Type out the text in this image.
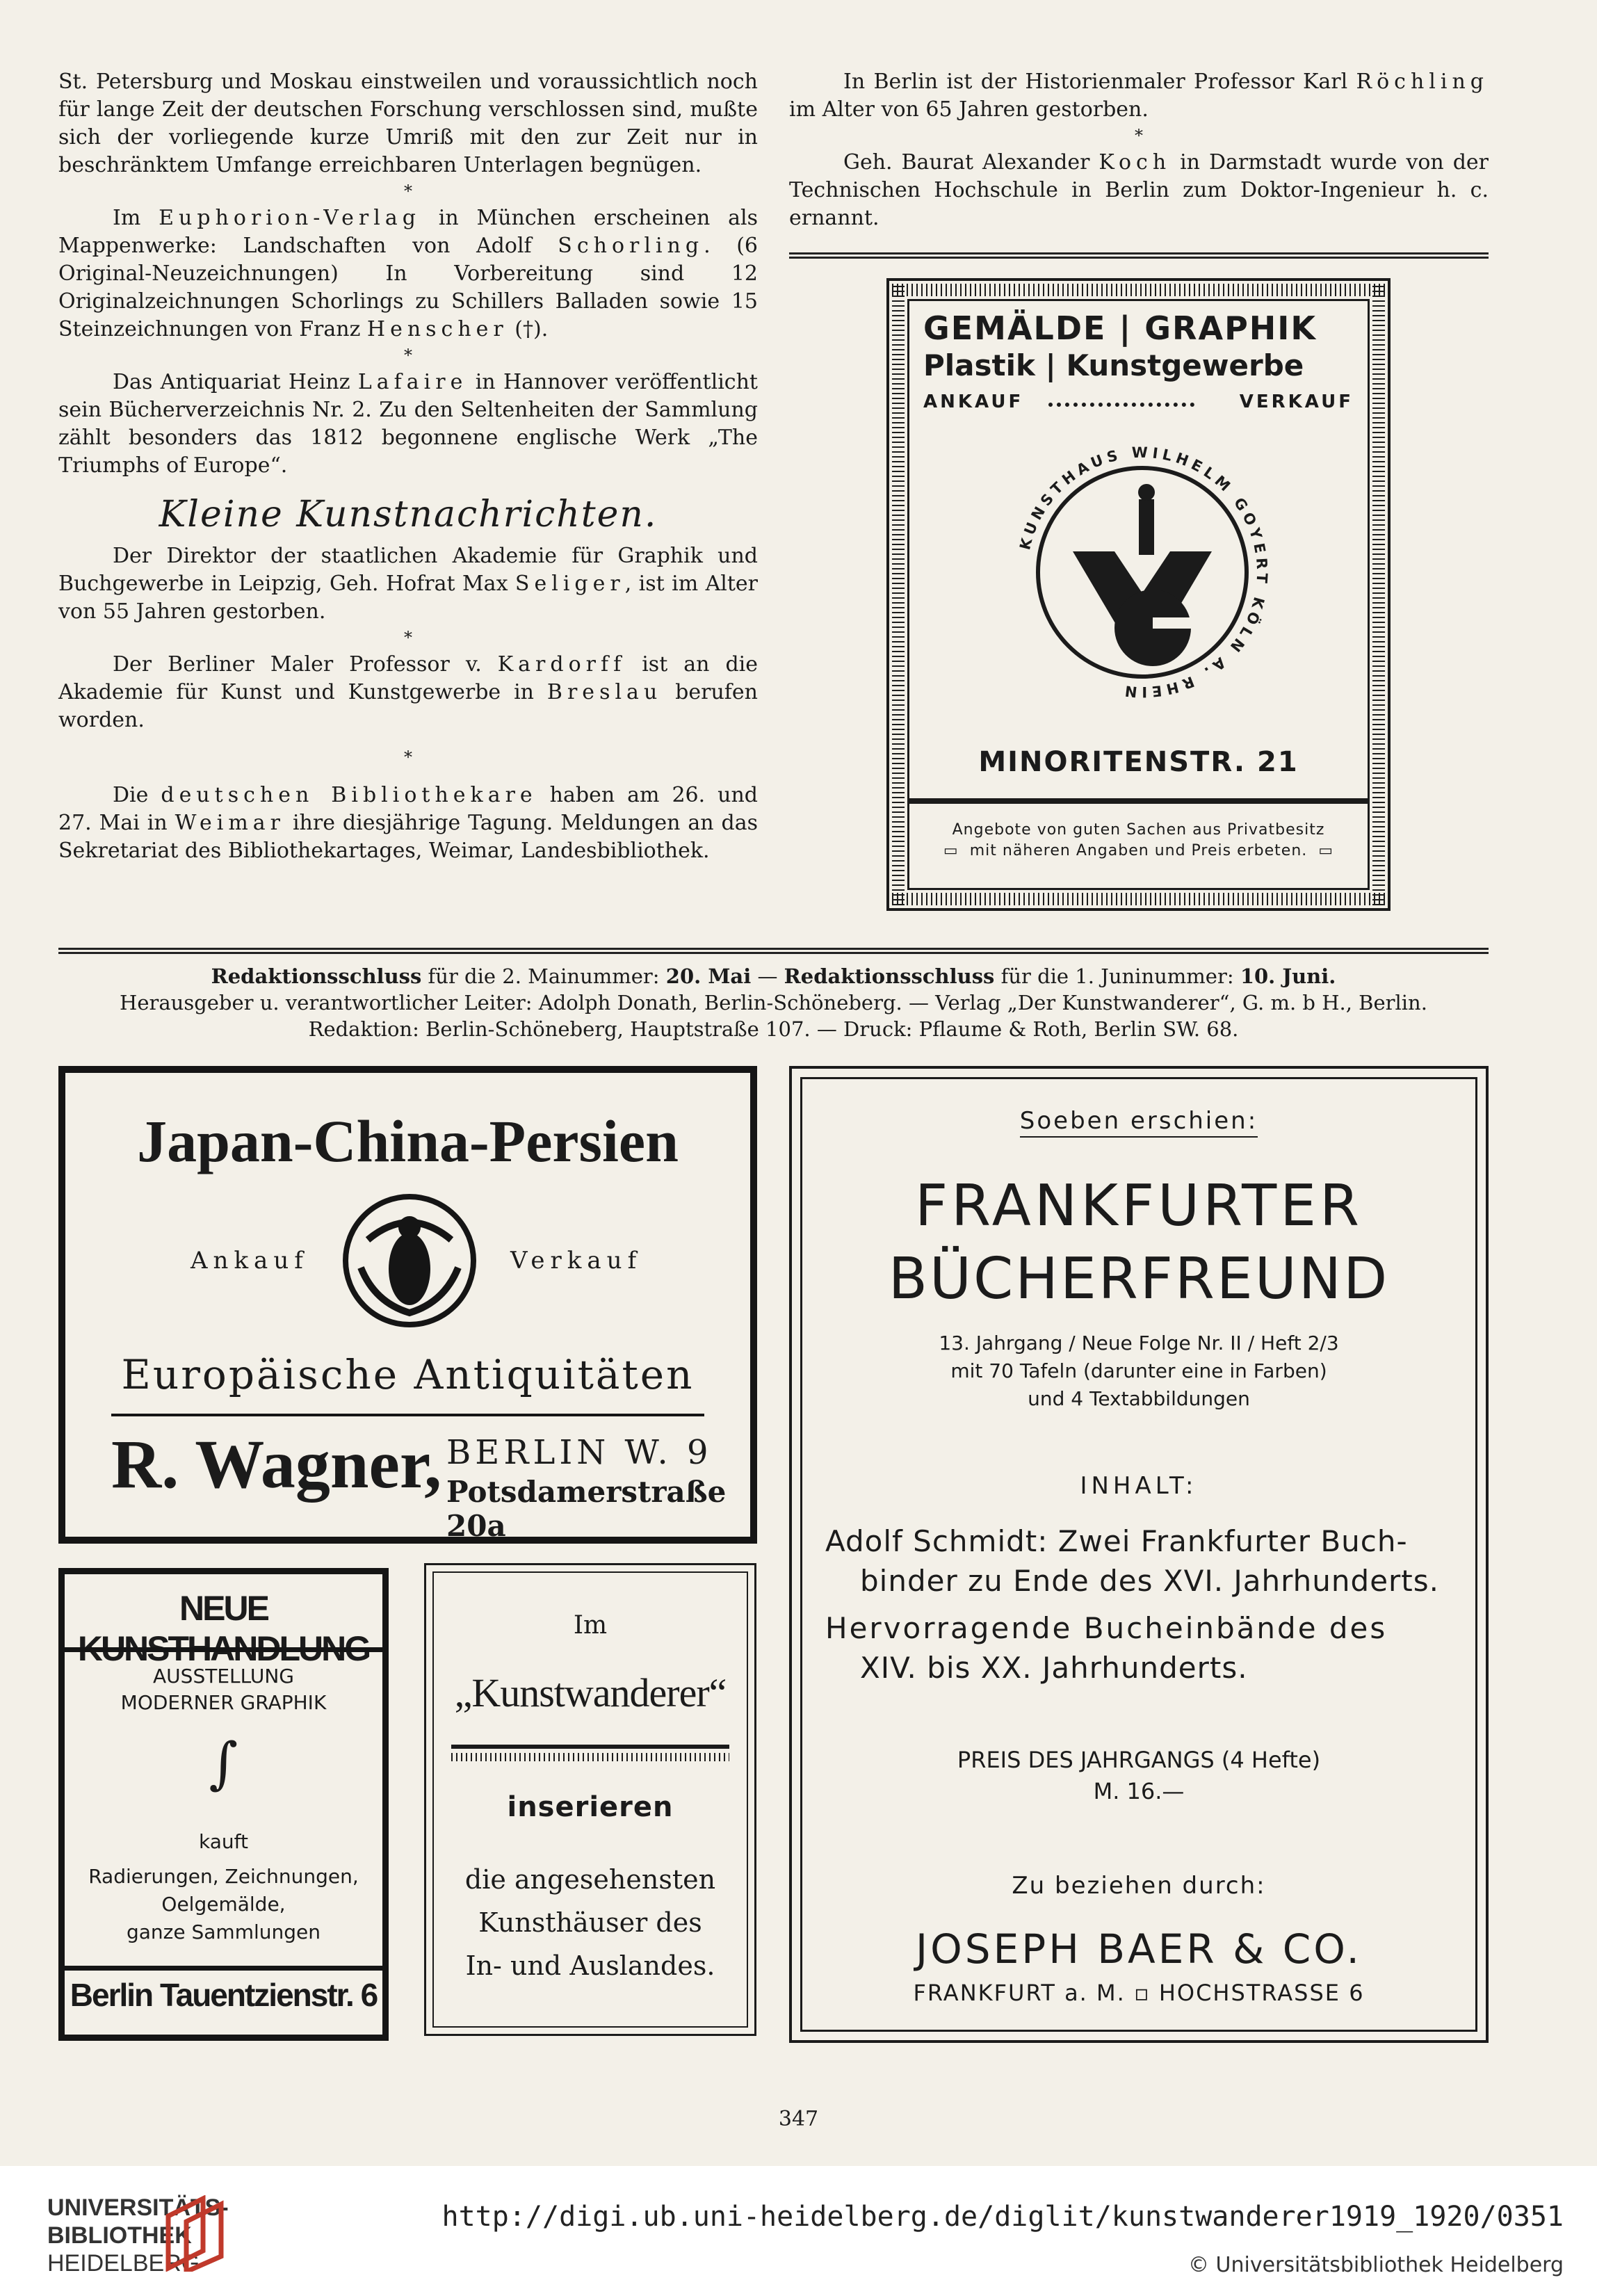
St. Petersburg und Moskau einstweilen und voraussichtlich noch für lange Zeit der deutschen Forschung verschlossen sind, mußte sich der vorliegende kurze Umriß mit den zur Zeit nur in beschränktem Umfange erreichbaren Unterlagen begnügen.

*

Im Euphorion-Verlag in München erscheinen als Mappenwerke: Landschaften von Adolf Schorling. (6 Original-Neuzeichnungen) In Vorbereitung sind 12 Originalzeichnungen Schorlings zu Schillers Balladen sowie 15 Steinzeichnungen von Franz Henscher (†).

*

Das Antiquariat Heinz Lafaire in Hannover veröffentlicht sein Bücherverzeichnis Nr. 2. Zu den Seltenheiten der Sammlung zählt besonders das 1812 begonnene englische Werk „The Triumphs of Europe“.

Kleine Kunstnachrichten.

Der Direktor der staatlichen Akademie für Graphik und Buchgewerbe in Leipzig, Geh. Hofrat Max Seliger, ist im Alter von 55 Jahren gestorben.

*

Der Berliner Maler Professor v. Kardorff ist an die Akademie für Kunst und Kunstgewerbe in Breslau berufen worden.

*

Die deutschen Bibliothekare haben am 26. und 27. Mai in Weimar ihre diesjährige Tagung. Meldungen an das Sekretariat des Bibliothekartages, Weimar, Landesbibliothek.

In Berlin ist der Historienmaler Professor Karl Röchling im Alter von 65 Jahren gestorben.

*

Geh. Baurat Alexander Koch in Darmstadt wurde von der Technischen Hochschule in Berlin zum Doktor-Ingenieur h. c. ernannt.

GEMÄLDE | GRAPHIK
Plastik | Kunstgewerbe
ANKAUF	VERKAUF
KUNSTHAUS WILHELM GOYERT KÖLN A. RHEIN
MINORITENSTR. 21
Angebote von guten Sachen aus Privatbesitz
▭ mit näheren Angaben und Preis erbeten. ▭
Redaktionsschluss für die 2. Mainummer: 20. Mai — Redaktionsschluss für die 1. Juninummer: 10. Juni.
Herausgeber u. verantwortlicher Leiter: Adolph Donath, Berlin-Schöneberg. — Verlag „Der Kunstwanderer“, G. m. b H., Berlin.
Redaktion: Berlin-Schöneberg, Hauptstraße 107. — Druck: Pflaume & Roth, Berlin SW. 68.
Japan-China-Persien
Ankauf	Verkauf
Europäische Antiquitäten
R. Wagner, BERLIN W. 9
Potsdamerstraße 20a
NEUE KUNSTHANDLUNG
AUSSTELLUNG
MODERNER GRAPHIK
∫
kauft
Radierungen, Zeichnungen,
Oelgemälde,
ganze Sammlungen
Berlin Tauentzienstr. 6
Im
„Kunstwanderer“
inserieren
die angesehensten
Kunsthäuser des
In- und Auslandes.
Soeben erschien:
FRANKFURTER
BÜCHERFREUND
13. Jahrgang / Neue Folge Nr. II / Heft 2/3
mit 70 Tafeln (darunter eine in Farben)
und 4 Textabbildungen
INHALT:
Adolf Schmidt: Zwei Frankfurter Buch-
binder zu Ende des XVI. Jahrhunderts.
Hervorragende Bucheinbände des
XIV. bis XX. Jahrhunderts.
PREIS DES JAHRGANGS (4 Hefte)
M. 16.—
Zu beziehen durch:
JOSEPH BAER & CO.
FRANKFURT a. M. ▫ HOCHSTRASSE 6
347
UNIVERSITÄTS-
BIBLIOTHEK
HEIDELBERG
http://digi.ub.uni-heidelberg.de/diglit/kunstwanderer1919_1920/0351
© Universitätsbibliothek Heidelberg
